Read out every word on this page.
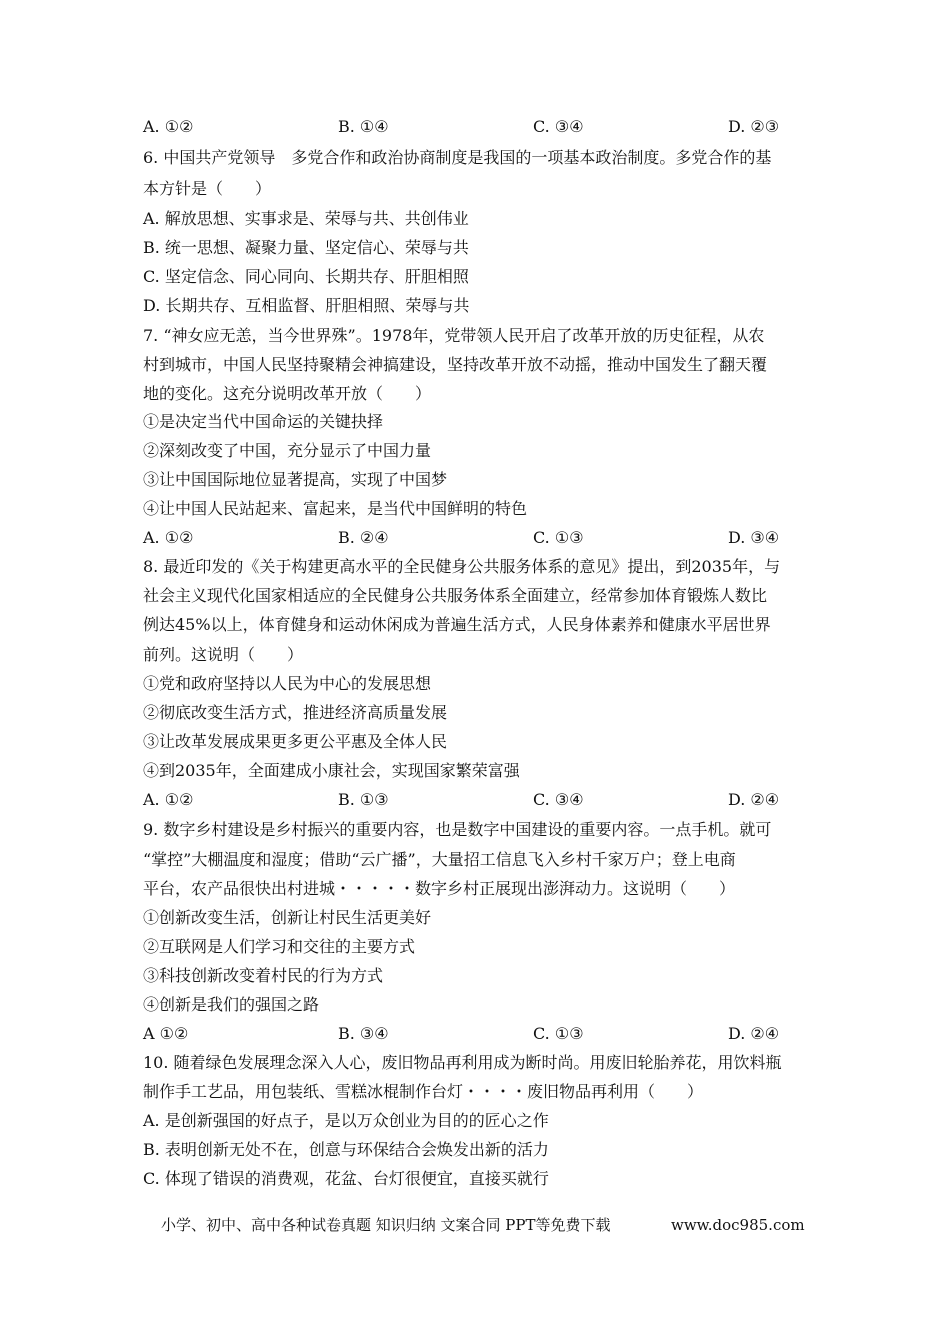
A. ①②	B. ①④	C. ③④	D. ②③
6. 中国共产党领导　多党合作和政治协商制度是我国的一项基本政治制度。多党合作的基
本方针是（　　）
A. 解放思想、实事求是、荣辱与共、共创伟业
B. 统一思想、凝聚力量、坚定信心、荣辱与共
C. 坚定信念、同心同向、长期共存、肝胆相照
D. 长期共存、互相监督、肝胆相照、荣辱与共
7. “神女应无恙，当今世界殊”。1978年，党带领人民开启了改革开放的历史征程，从农
村到城市，中国人民坚持聚精会神搞建设，坚持改革开放不动摇，推动中国发生了翻天覆
地的变化。这充分说明改革开放（　　）
①是决定当代中国命运的关键抉择
②深刻改变了中国，充分显示了中国力量
③让中国国际地位显著提高，实现了中国梦
④让中国人民站起来、富起来，是当代中国鲜明的特色
A. ①②	B. ②④	C. ①③	D. ③④
8. 最近印发的《关于构建更高水平的全民健身公共服务体系的意见》提出，到2035年，与
社会主义现代化国家相适应的全民健身公共服务体系全面建立，经常参加体育锻炼人数比
例达45%以上，体育健身和运动休闲成为普遍生活方式，人民身体素养和健康水平居世界
前列。这说明（　　）
①党和政府坚持以人民为中心的发展思想
②彻底改变生活方式，推进经济高质量发展
③让改革发展成果更多更公平惠及全体人民
④到2035年，全面建成小康社会，实现国家繁荣富强
A. ①②	B. ①③	C. ③④	D. ②④
9. 数字乡村建设是乡村振兴的重要内容，也是数字中国建设的重要内容。一点手机。就可
“掌控”大棚温度和湿度；借助“云广播”，大量招工信息飞入乡村千家万户；登上电商
平台，农产品很快出村进城・・・・・数字乡村正展现出澎湃动力。这说明（　　）
①创新改变生活，创新让村民生活更美好
②互联网是人们学习和交往的主要方式
③科技创新改变着村民的行为方式
④创新是我们的强国之路
A ①②	B. ③④	C. ①③	D. ②④
10. 随着绿色发展理念深入人心，废旧物品再利用成为断时尚。用废旧轮胎养花，用饮料瓶
制作手工艺品，用包装纸、雪糕冰棍制作台灯・・・・废旧物品再利用（　　）
A. 是创新强国的好点子，是以万众创业为目的的匠心之作
B. 表明创新无处不在，创意与环保结合会焕发出新的活力
C. 体现了错误的消费观，花盆、台灯很便宜，直接买就行
小学、初中、高中各种试卷真题 知识归纳 文案合同 PPT等免费下载	www.doc985.com
